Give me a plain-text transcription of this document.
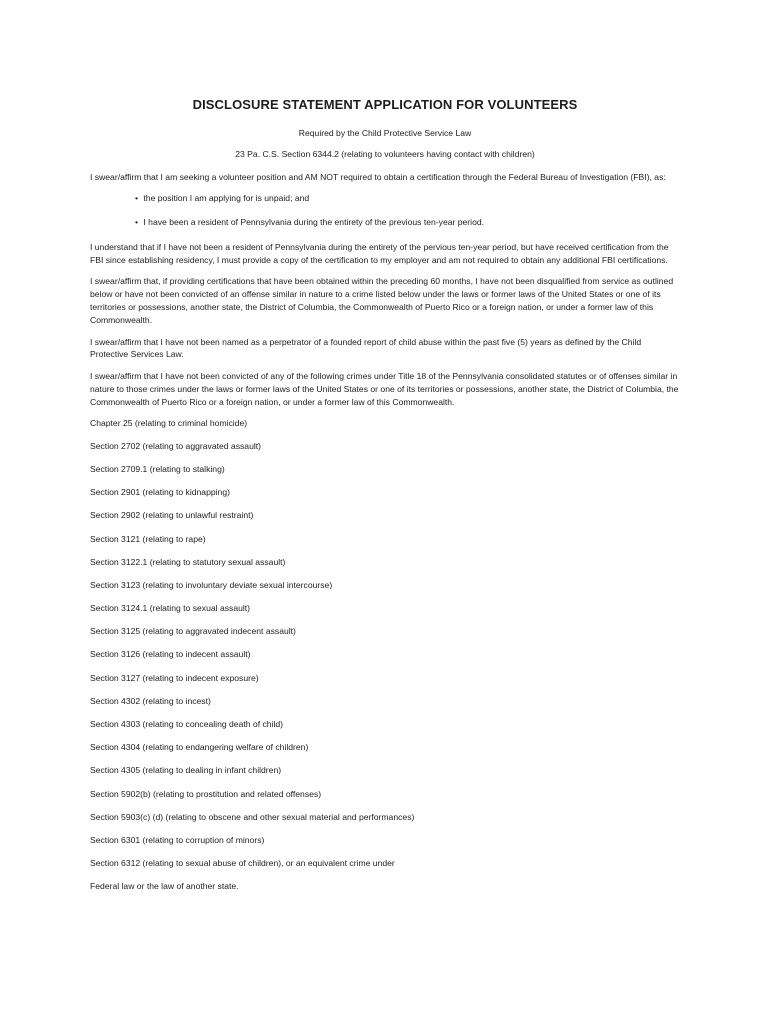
DISCLOSURE STATEMENT APPLICATION FOR VOLUNTEERS

Required by the Child Protective Service Law

23 Pa. C.S. Section 6344.2 (relating to volunteers having contact with children)

I swear/affirm that I am seeking a volunteer position and AM NOT required to obtain a certification through the Federal Bureau of Investigation (FBI), as:

• the position I am applying for is unpaid; and
• I have been a resident of Pennsylvania during the entirety of the previous ten-year period.

I understand that if I have not been a resident of Pennsylvania during the entirety of the pervious ten-year period, but have received certification from the FBI since establishing residency, I must provide a copy of the certification to my employer and am not required to obtain any additional FBI certifications.

I swear/affirm that, if providing certifications that have been obtained within the preceding 60 months, I have not been disqualified from service as outlined below or have not been convicted of an offense similar in nature to a crime listed below under the laws or former laws of the United States or one of its territories or possessions, another state, the District of Columbia, the Commonwealth of Puerto Rico or a foreign nation, or under a former law of this Commonwealth.

I swear/affirm that I have not been named as a perpetrator of a founded report of child abuse within the past five (5) years as defined by the Child Protective Services Law.

I swear/affirm that I have not been convicted of any of the following crimes under Title 18 of the Pennsylvania consolidated statutes or of offenses similar in nature to those crimes under the laws or former laws of the United States or one of its territories or possessions, another state, the District of Columbia, the Commonwealth of Puerto Rico or a foreign nation, or under a former law of this Commonwealth.

Chapter 25 (relating to criminal homicide)

Section 2702 (relating to aggravated assault)

Section 2709.1 (relating to stalking)

Section 2901 (relating to kidnapping)

Section 2902 (relating to unlawful restraint)

Section 3121 (relating to rape)

Section 3122.1 (relating to statutory sexual assault)

Section 3123 (relating to involuntary deviate sexual intercourse)

Section 3124.1 (relating to sexual assault)

Section 3125 (relating to aggravated indecent assault)

Section 3126 (relating to indecent assault)

Section 3127 (relating to indecent exposure)

Section 4302 (relating to incest)

Section 4303 (relating to concealing death of child)

Section 4304 (relating to endangering welfare of children)

Section 4305 (relating to dealing in infant children)

Section 5902(b) (relating to prostitution and related offenses)

Section 5903(c) (d) (relating to obscene and other sexual material and performances)

Section 6301 (relating to corruption of minors)

Section 6312 (relating to sexual abuse of children), or an equivalent crime under

Federal law or the law of another state.
